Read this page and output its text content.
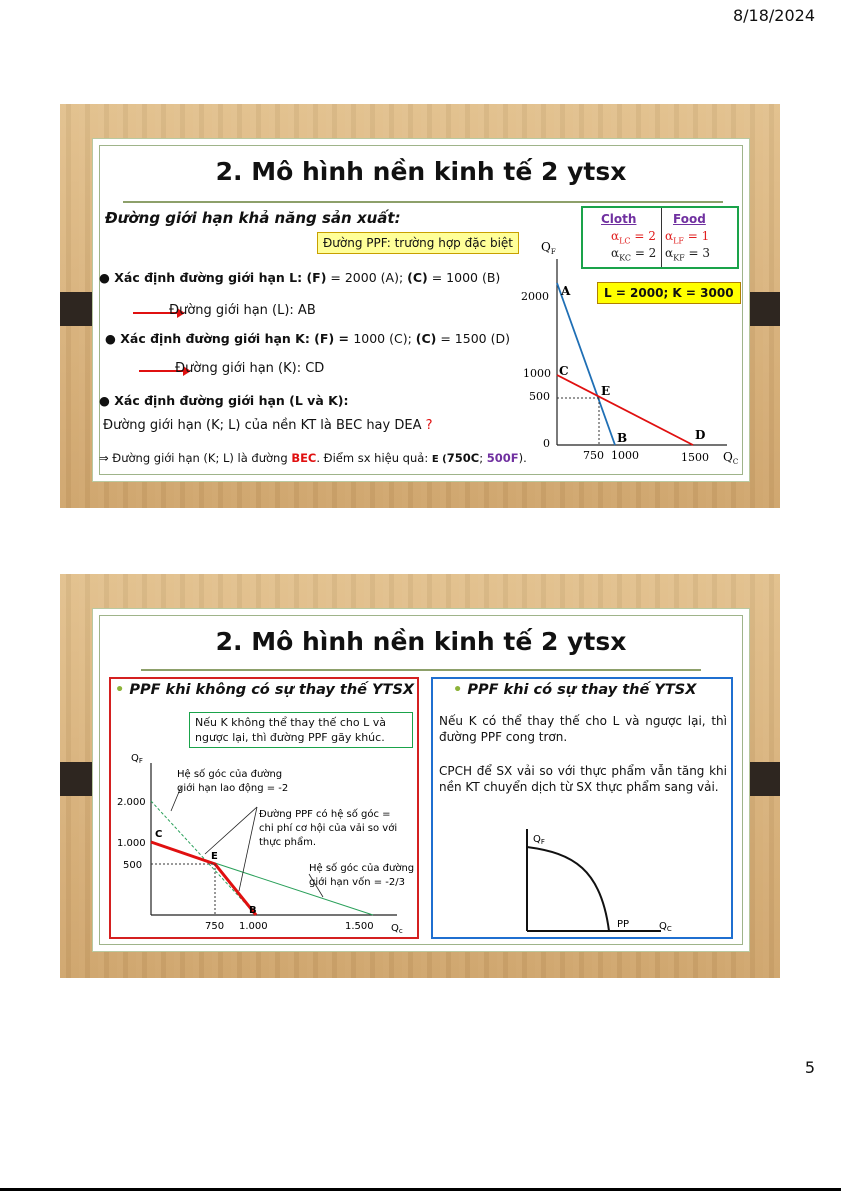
8/18/2024
2. Mô hình nền kinh tế 2 ytsx
Đường giới hạn khả năng sản xuất:
Đường PPF: trường hợp đặc biệt
Cloth	Food
$\alpha_{LC} = 2$ $\alpha_{LF} = 1$
$\alpha_{KC} = 2$ $\alpha_{KF} = 3$
L = 2000; K = 3000
● Xác định đường giới hạn L: (F) = 2000 (A); (C) = 1000 (B)
Đường giới hạn (L): AB
● Xác định đường giới hạn K: (F) = 1000 (C); (C) = 1500 (D)
Đường giới hạn (K): CD
● Xác định đường giới hạn (L và K):
Đường giới hạn (K; L) của nền KT là BEC hay DEA ?
⇒ Đường giới hạn (K; L) là đường BEC. Điểm sx hiệu quả: E (750C; 500F).
$Q_F$
$Q_C$
2000
1000
500
0
750 1000	1500
A
B
C
D
E
2. Mô hình nền kinh tế 2 ytsx
• PPF khi không có sự thay thế YTSX
Nếu K không thể thay thế cho L và
ngược lại, thì đường PPF gãy khúc.
$Q_F$
$Q_c$
Hệ số góc của đường
giới hạn lao động = -2
Đường PPF có hệ số góc =
chi phí cơ hội của vải so với
thực phẩm.
Hệ số góc của đường
giới hạn vốn = -2/3
2.000
1.000
500
750 1.000	1.500
C
E
B
• PPF khi có sự thay thế YTSX
Nếu K có thể thay thế cho L và ngược lại, thì đường PPF cong trơn.
CPCH để SX vải so với thực phẩm vẫn tăng khi nền KT chuyển dịch từ SX thực phẩm sang vải.
$Q_F$
$Q_C$
PP
5
